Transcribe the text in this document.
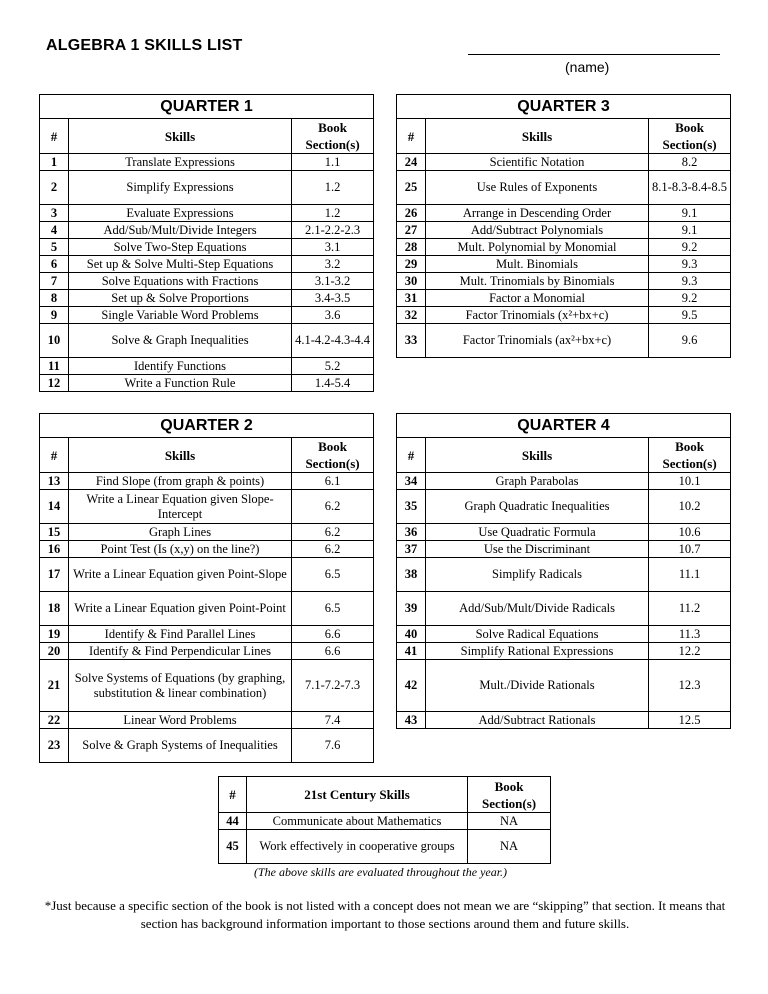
ALGEBRA 1 SKILLS LIST
(name)
QUARTER 1		
#	Skills	Book Section(s)
1	Translate Expressions	1.1
2	Simplify Expressions	1.2
3	Evaluate Expressions	1.2
4	Add/Sub/Mult/Divide Integers	2.1-2.2-2.3
5	Solve Two-Step Equations	3.1
6	Set up & Solve Multi-Step Equations	3.2
7	Solve Equations with Fractions	3.1-3.2
8	Set up & Solve Proportions	3.4-3.5
9	Single Variable Word Problems	3.6
10	Solve & Graph Inequalities	4.1-4.2-4.3-4.4
11	Identify Functions	5.2
12	Write a Function Rule	1.4-5.4
QUARTER 3		
#	Skills	Book Section(s)
24	Scientific Notation	8.2
25	Use Rules of Exponents	8.1-8.3-8.4-8.5
26	Arrange in Descending Order	9.1
27	Add/Subtract Polynomials	9.1
28	Mult. Polynomial by Monomial	9.2
29	Mult. Binomials	9.3
30	Mult. Trinomials by Binomials	9.3
31	Factor a Monomial	9.2
32	Factor Trinomials (x²+bx+c)	9.5
33	Factor Trinomials (ax²+bx+c)	9.6
QUARTER 2		
#	Skills	Book Section(s)
13	Find Slope (from graph & points)	6.1
14	Write a Linear Equation given Slope-Intercept	6.2
15	Graph Lines	6.2
16	Point Test (Is (x,y) on the line?)	6.2
17	Write a Linear Equation given Point-Slope	6.5
18	Write a Linear Equation given Point-Point	6.5
19	Identify & Find Parallel Lines	6.6
20	Identify & Find Perpendicular Lines	6.6
21	Solve Systems of Equations (by graphing, substitution & linear combination)	7.1-7.2-7.3
22	Linear Word Problems	7.4
23	Solve & Graph Systems of Inequalities	7.6
QUARTER 4		
#	Skills	Book Section(s)
34	Graph Parabolas	10.1
35	Graph Quadratic Inequalities	10.2
36	Use Quadratic Formula	10.6
37	Use the Discriminant	10.7
38	Simplify Radicals	11.1
39	Add/Sub/Mult/Divide Radicals	11.2
40	Solve Radical Equations	11.3
41	Simplify Rational Expressions	12.2
42	Mult./Divide Rationals	12.3
43	Add/Subtract Rationals	12.5
#	21st Century Skills	Book Section(s)
44	Communicate about Mathematics	NA
45	Work effectively in cooperative groups	NA
(The above skills are evaluated throughout the year.)
*Just because a specific section of the book is not listed with a concept does not mean we are “skipping” that section. It means that section has background information important to those sections around them and future skills.
